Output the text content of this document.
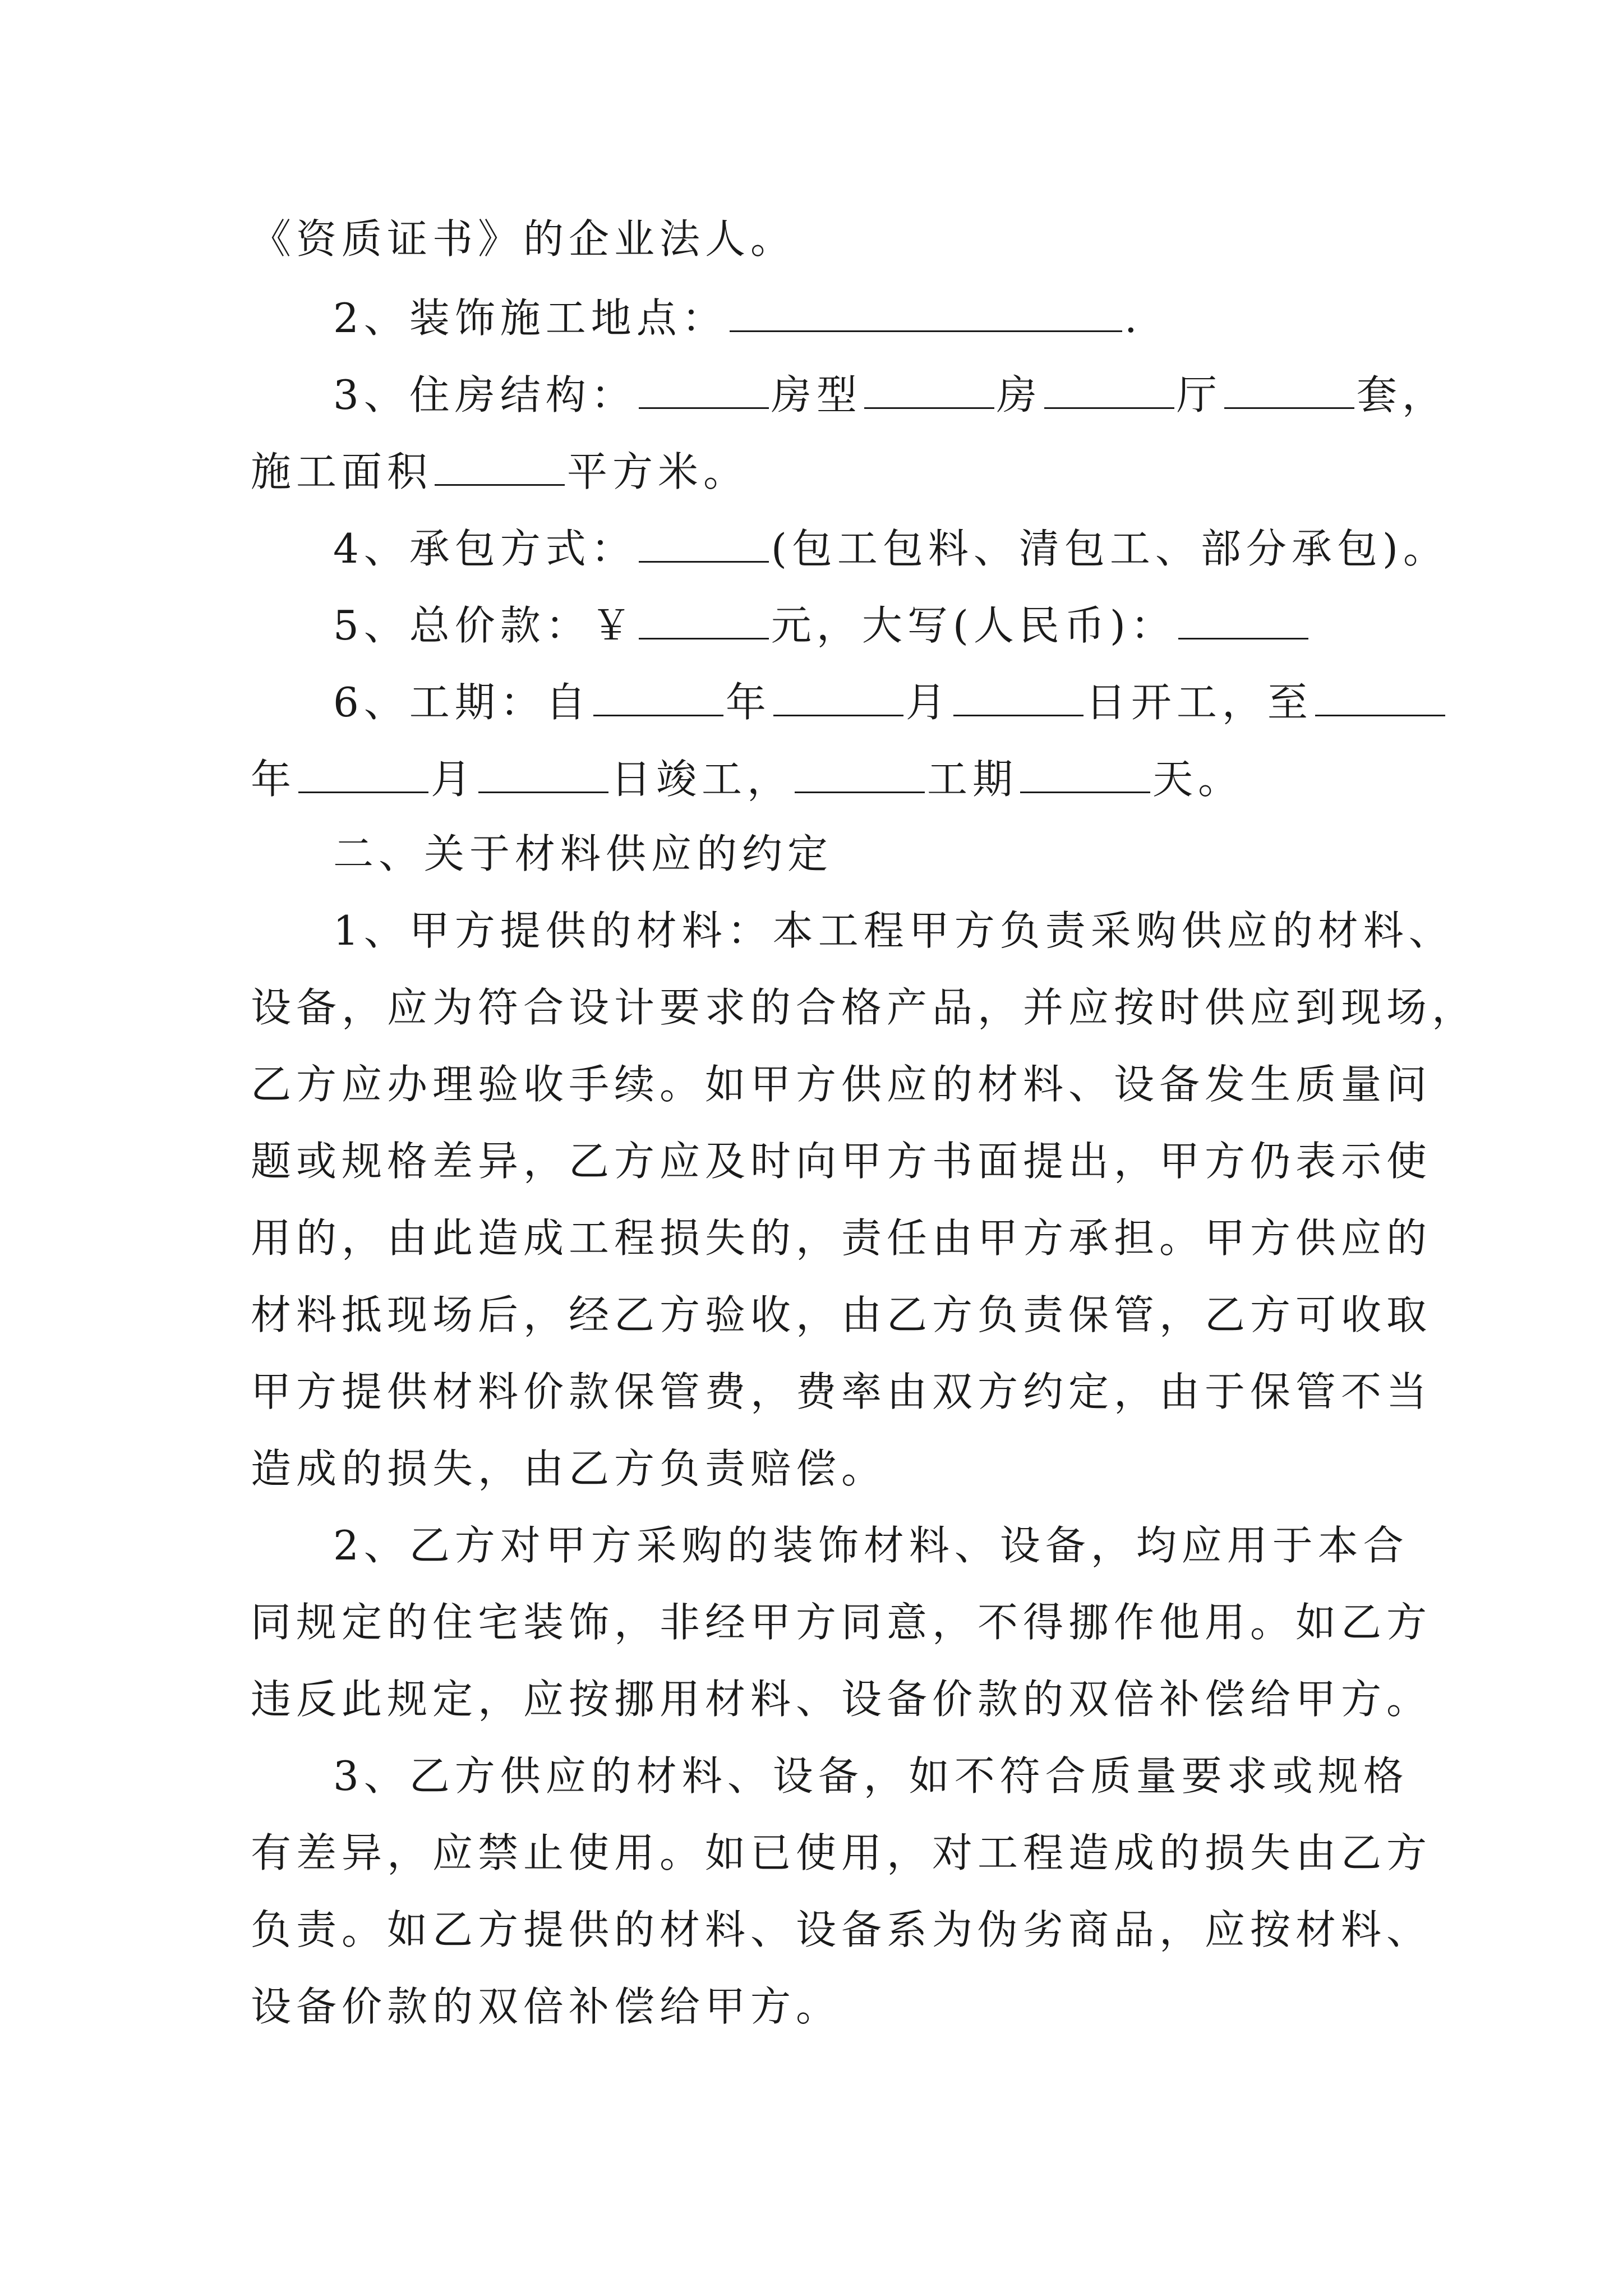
《资质证书》的企业法人。
2、装饰施工地点：	.
3、住房结构：	房型	房	厅	套，
施工面积	平方米。
4、承包方式：	(包工包料、清包工、部分承包)。
5、总价款：￥	元，大写(人民币)：
6、工期：自	年	月	日开工，至
年	月	日竣工，	工期	天。
二、关于材料供应的约定
1、甲方提供的材料：本工程甲方负责采购供应的材料、
设备，应为符合设计要求的合格产品，并应按时供应到现场，
乙方应办理验收手续。如甲方供应的材料、设备发生质量问
题或规格差异，乙方应及时向甲方书面提出，甲方仍表示使
用的，由此造成工程损失的，责任由甲方承担。甲方供应的
材料抵现场后，经乙方验收，由乙方负责保管，乙方可收取
甲方提供材料价款保管费，费率由双方约定，由于保管不当
造成的损失，由乙方负责赔偿。
2、乙方对甲方采购的装饰材料、设备，均应用于本合
同规定的住宅装饰，非经甲方同意，不得挪作他用。如乙方
违反此规定，应按挪用材料、设备价款的双倍补偿给甲方。
3、乙方供应的材料、设备，如不符合质量要求或规格
有差异，应禁止使用。如已使用，对工程造成的损失由乙方
负责。如乙方提供的材料、设备系为伪劣商品，应按材料、
设备价款的双倍补偿给甲方。
